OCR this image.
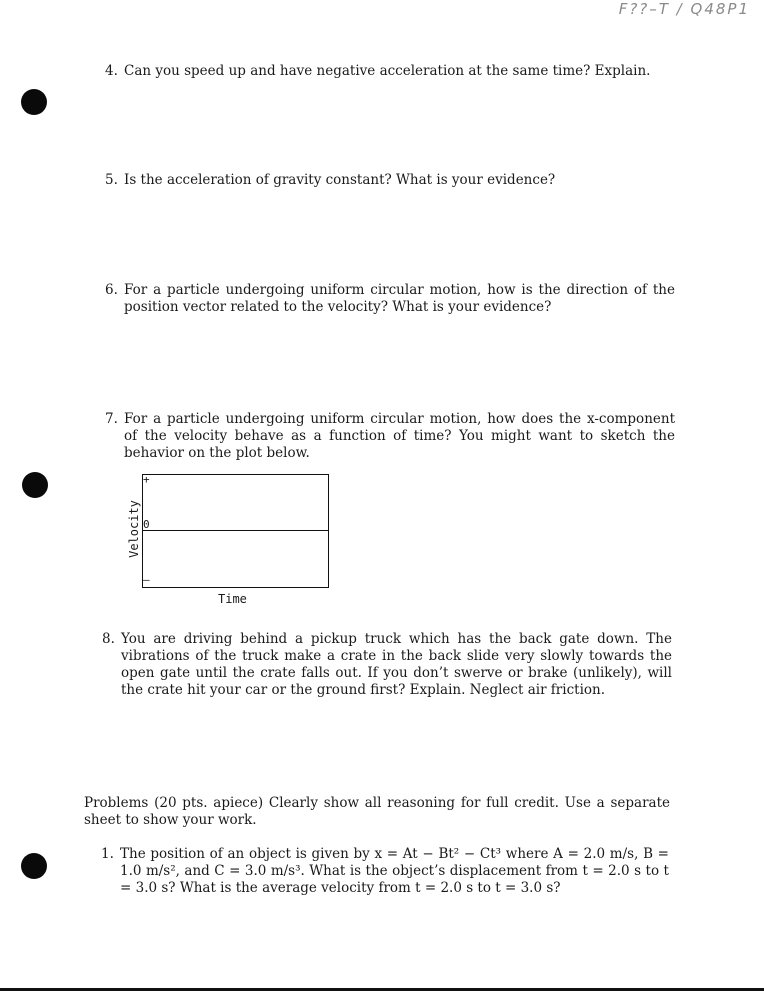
F??–T / Q48P1
4. Can you speed up and have negative acceleration at the same time? Explain.
5. Is the acceleration of gravity constant? What is your evidence?
6. For a particle undergoing uniform circular motion, how is the direction of the position vector related to the velocity? What is your evidence?
7. For a particle undergoing uniform circular motion, how does the x-component of the velocity behave as a function of time? You might want to sketch the behavior on the plot below.
+
0
–
Velocity
Time
8. You are driving behind a pickup truck which has the back gate down. The vibrations of the truck make a crate in the back slide very slowly towards the open gate until the crate falls out. If you don’t swerve or brake (unlikely), will the crate hit your car or the ground first? Explain. Neglect air friction.
Problems (20 pts. apiece) Clearly show all reasoning for full credit. Use a separate sheet to show your work.
1. The position of an object is given by x = At − Bt² − Ct³ where A = 2.0 m/s, B = 1.0 m/s², and C = 3.0 m/s³. What is the object’s displacement from t = 2.0 s to t = 3.0 s? What is the average velocity from t = 2.0 s to t = 3.0 s?
